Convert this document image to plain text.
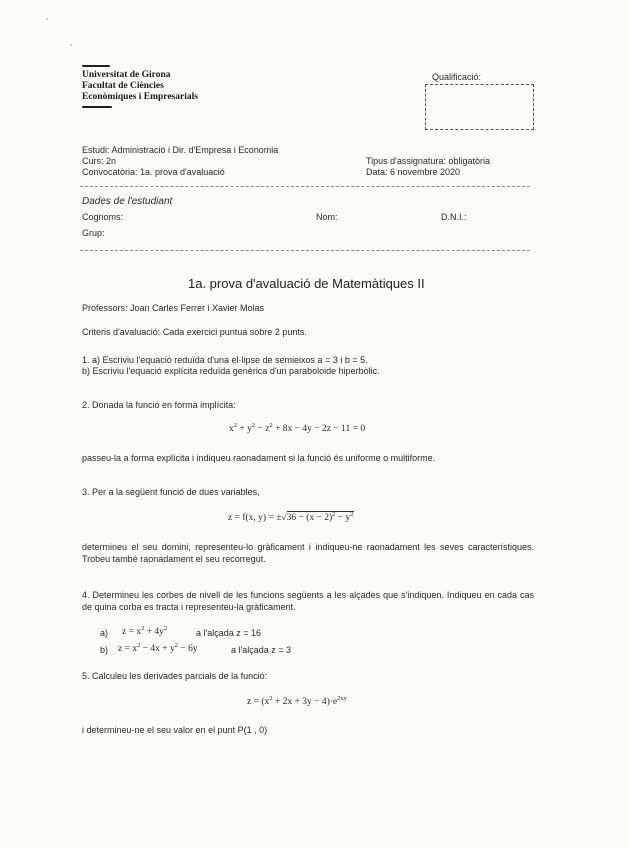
Universitat de Girona
Facultat de Ciències
Econòmiques i Empresarials
Qualificació:
Estudi: Administració i Dir. d'Empresa i Economia
Curs: 2n
Convocatòria: 1a. prova d'avaluació
Tipus d'assignatura: obligatòria
Data: 6 novembre 2020
Dades de l'estudiant
Cognoms:	Nom:	D.N.I.:
Grup:
1a. prova d'avaluació de Matemàtiques II
Professors: Joan Carles Ferrer i Xavier Molas
Criteris d'avaluació: Cada exercici puntua sobre 2 punts.
1. a) Escriviu l'equació reduïda d'una el·lipse de semieixos a = 3 i b = 5.
b) Escriviu l'equació explícita reduïda genèrica d'un paraboloide hiperbòlic.
2. Donada la funció en forma implícita:
$x^2 + y^2 - z^2 + 8x - 4y - 2z - 11 = 0$
passeu-la a forma explícita i indiqueu raonadament si la funció és uniforme o multiforme.
3. Per a la següent funció de dues variables,
z = f(x, $y) = \pm√36 - (x - 2)^2 - y^2$
determineu el seu domini, representeu-lo gràficament i indiqueu-ne raonadament les seves característiques. Trobeu també raonadament el seu recorregut.
4. Determineu les corbes de nivell de les funcions següents a les alçades que s'indiquen. Indiqueu en cada cas de quina corba es tracta i representeu-la gràficament.
a) $z = x^2 + 4y^2$	a l'alçada z = 16
b) $z = x^2 - 4x + y^2 - 6y$	a l'alçada z = 3
5. Calculeu les derivades parcials de la funció:
$z = (x^2 + 2x + 3y - 4)\cdot e^{2xy}$
i determineu-ne el seu valor en el punt P(1 , 0)
